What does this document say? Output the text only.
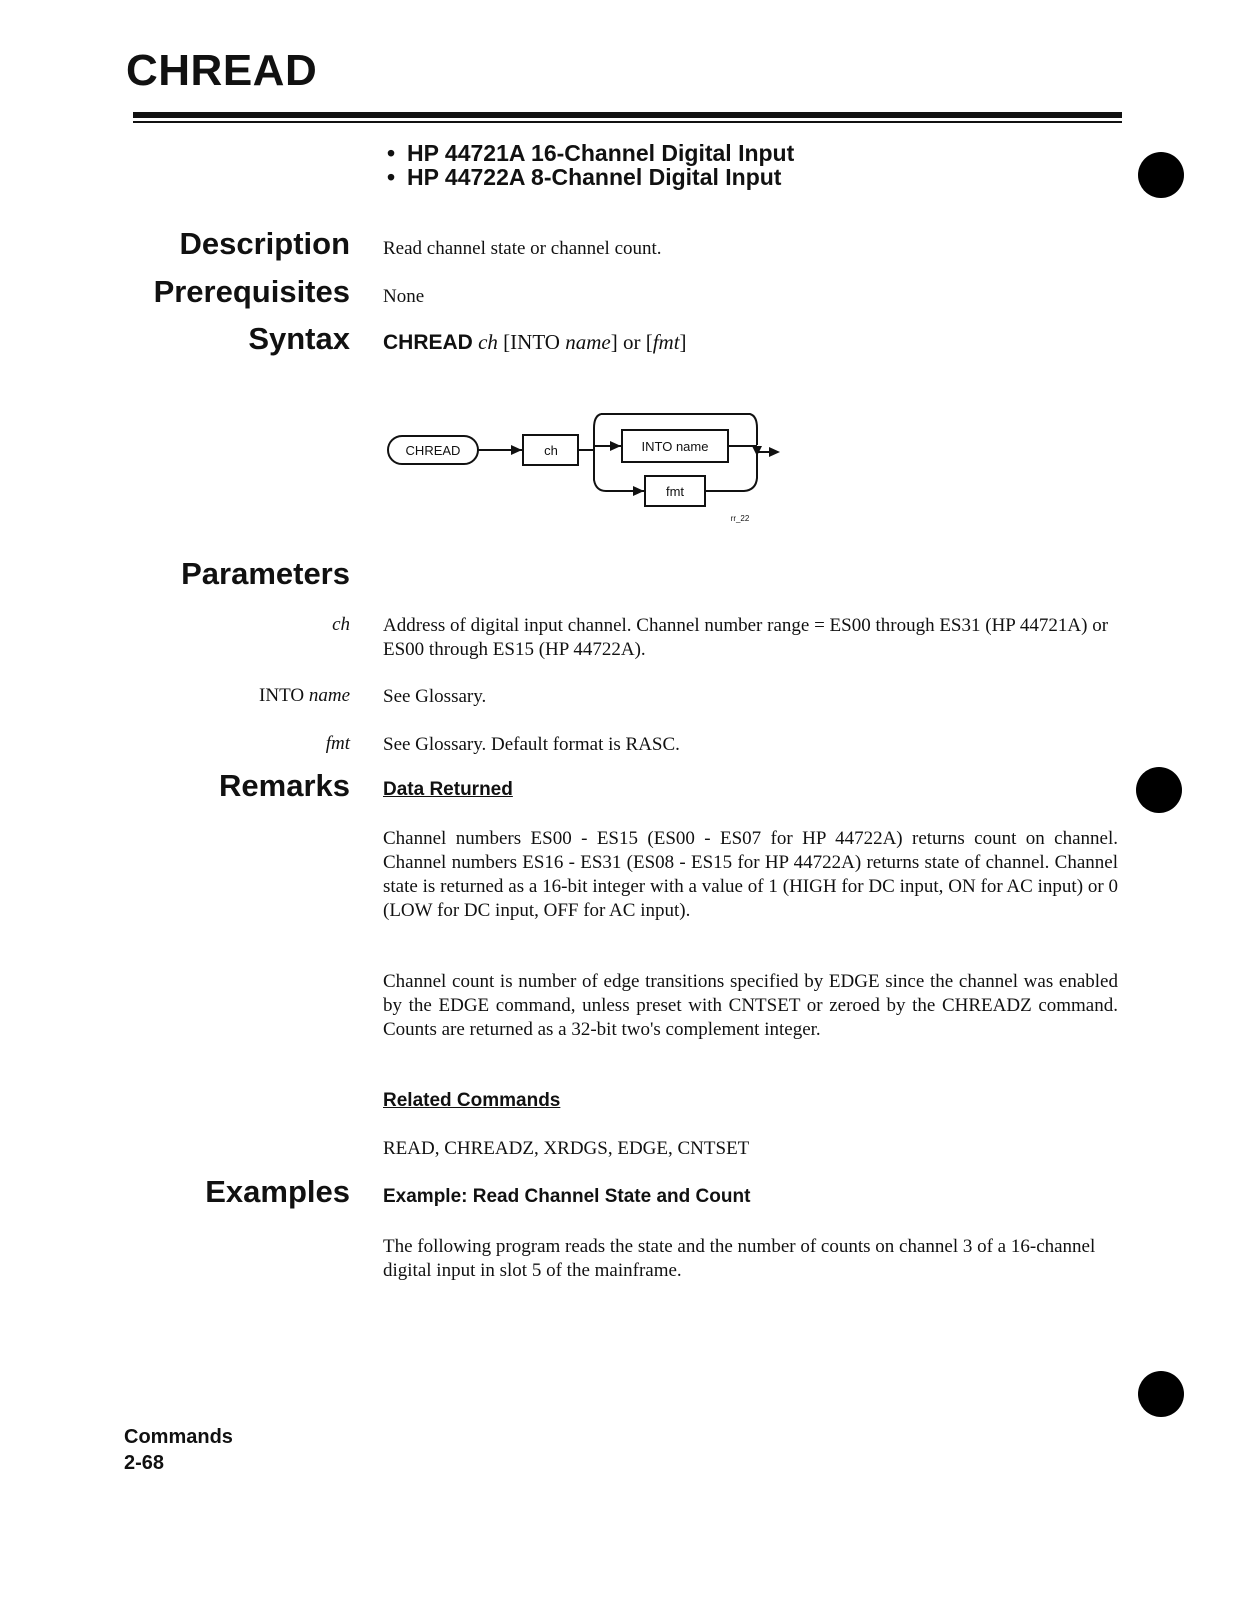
CHREAD
• HP 44721A 16-Channel Digital Input
• HP 44722A 8-Channel Digital Input
Description Read channel state or channel count.
Prerequisites None
Syntax CHREAD ch [INTO name] or [fmt]
CHREAD	ch	INTO name
fmt
rr_22
Parameters
ch Address of digital input channel. Channel number range = ES00 through ES31 (HP 44721A) or ES00 through ES15 (HP 44722A).
INTO name See Glossary.
fmt See Glossary. Default format is RASC.
Remarks Data Returned
Channel numbers ES00 - ES15 (ES00 - ES07 for HP 44722A) returns count on channel. Channel numbers ES16 - ES31 (ES08 - ES15 for HP 44722A) returns state of channel. Channel state is returned as a 16-bit integer with a value of 1 (HIGH for DC input, ON for AC input) or 0 (LOW for DC input, OFF for AC input).
Channel count is number of edge transitions specified by EDGE since the channel was enabled by the EDGE command, unless preset with CNTSET or zeroed by the CHREADZ command. Counts are returned as a 32-bit two's complement integer.
Related Commands
READ, CHREADZ, XRDGS, EDGE, CNTSET
Examples Example: Read Channel State and Count
The following program reads the state and the number of counts on channel 3 of a 16-channel digital input in slot 5 of the mainframe.
Commands
2-68
